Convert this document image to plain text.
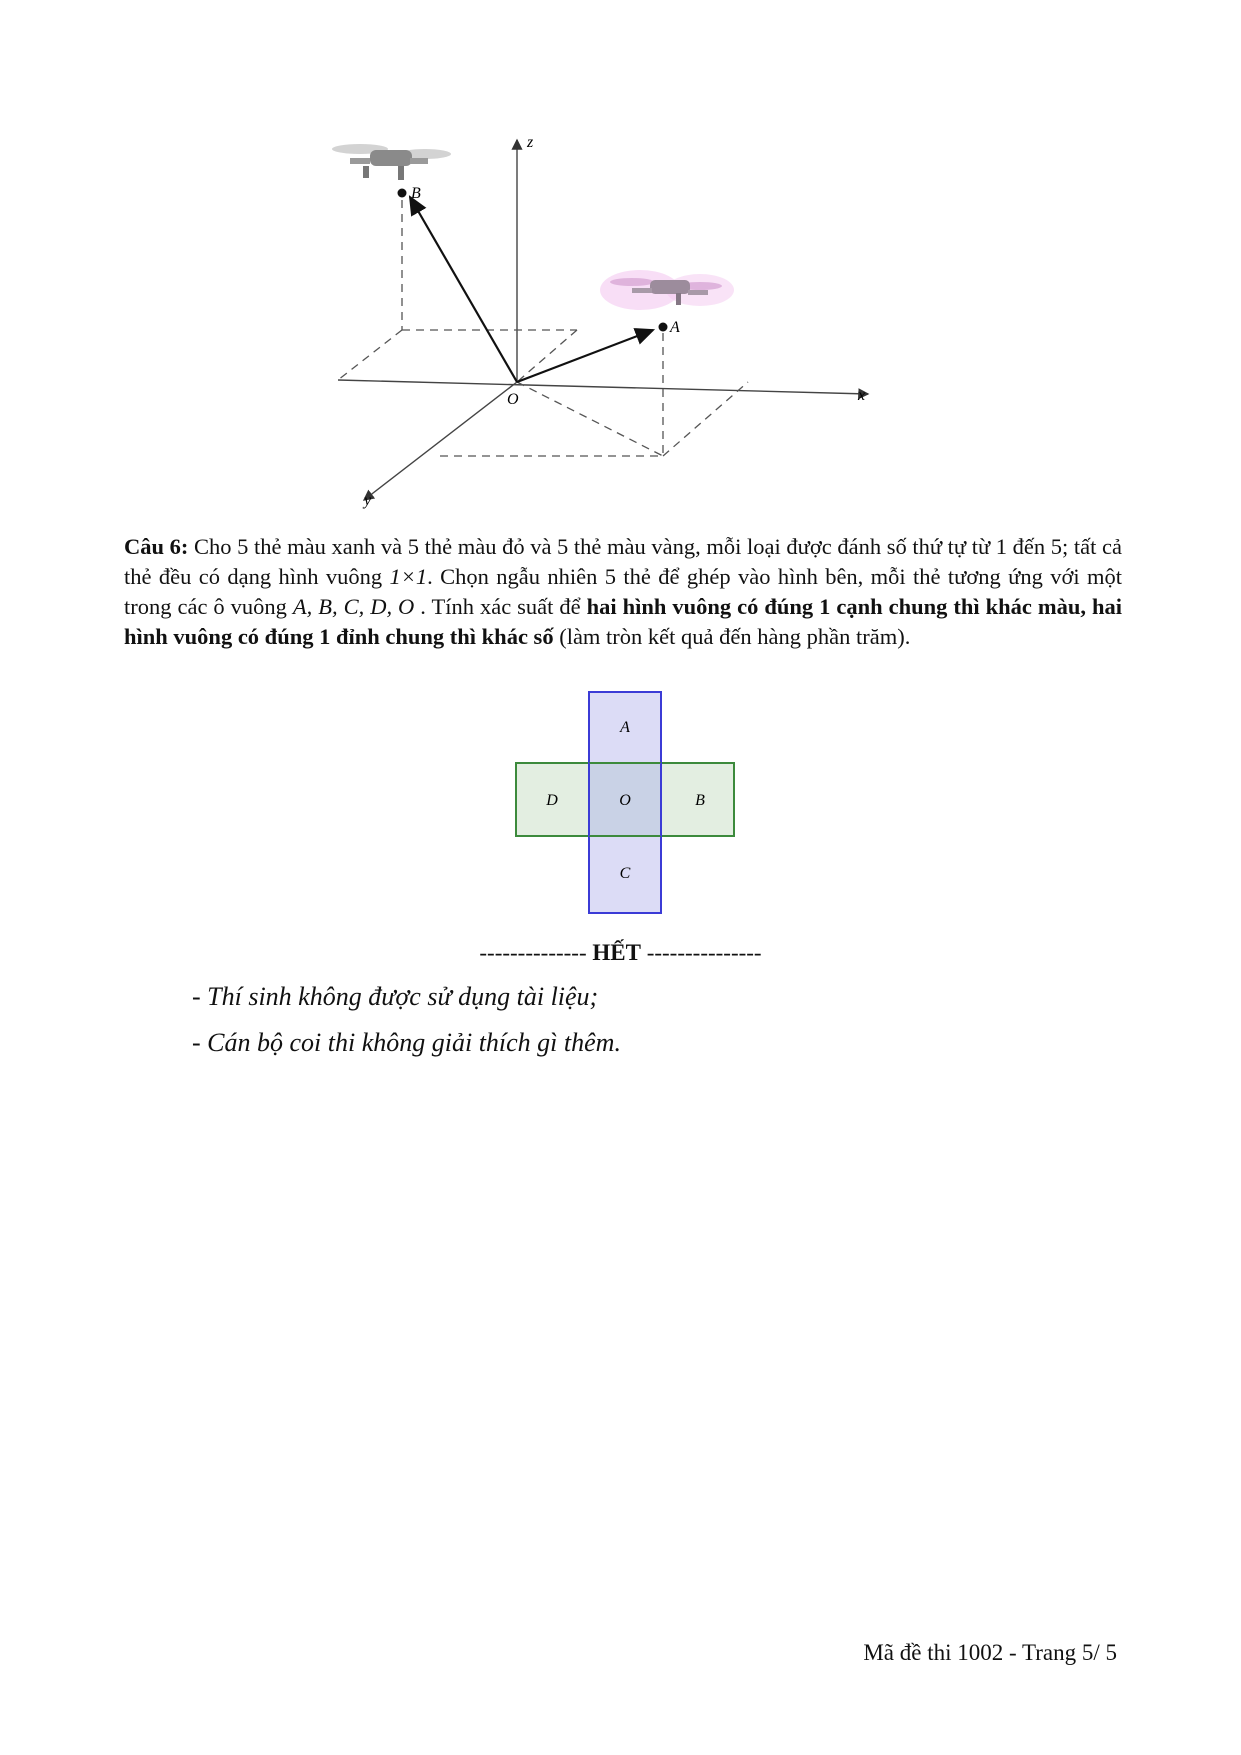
B
A
z
x
y
O
Câu 6: Cho 5 thẻ màu xanh và 5 thẻ màu đỏ và 5 thẻ màu vàng, mỗi loại được đánh số thứ tự từ 1 đến 5; tất cả thẻ đều có dạng hình vuông 1×1. Chọn ngẫu nhiên 5 thẻ để ghép vào hình bên, mỗi thẻ tương ứng với một trong các ô vuông A, B, C, D, O . Tính xác suất để hai hình vuông có đúng 1 cạnh chung thì khác màu, hai hình vuông có đúng 1 đỉnh chung thì khác số (làm tròn kết quả đến hàng phần trăm).
A
D	O	B
C
-------------- HẾT ---------------
- Thí sinh không được sử dụng tài liệu;
- Cán bộ coi thi không giải thích gì thêm.
Mã đề thi 1002 - Trang 5/ 5
